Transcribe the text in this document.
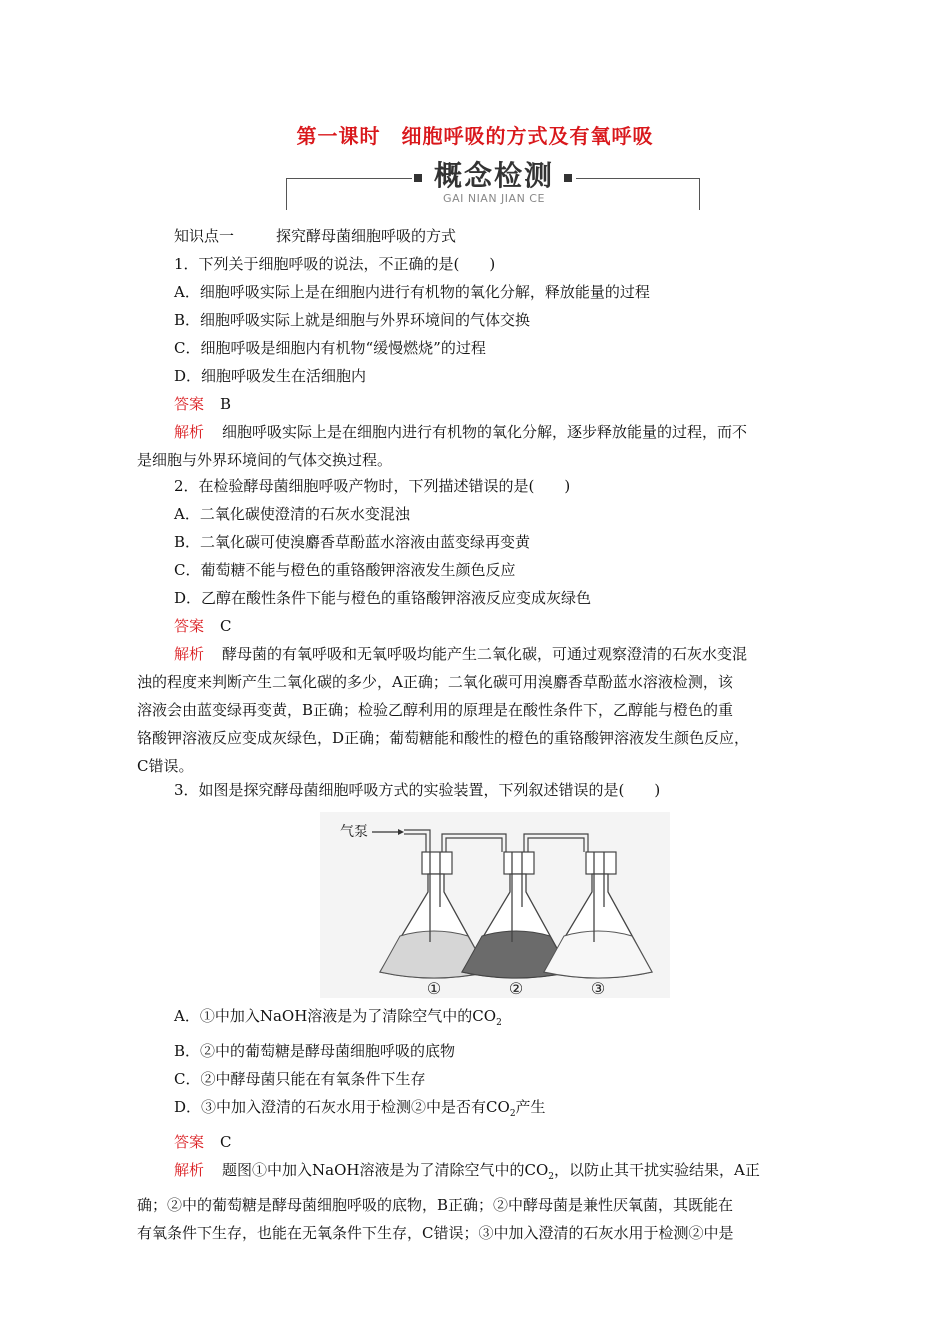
第一课时　细胞呼吸的方式及有氧呼吸
概念检测
GAI NIAN JIAN CE
知识点一	探究酵母菌细胞呼吸的方式
1．下列关于细胞呼吸的说法，不正确的是(　　)
A．细胞呼吸实际上是在细胞内进行有机物的氧化分解，释放能量的过程
B．细胞呼吸实际上就是细胞与外界环境间的气体交换
C．细胞呼吸是细胞内有机物“缓慢燃烧”的过程
D．细胞呼吸发生在活细胞内
答案 B
解析 细胞呼吸实际上是在细胞内进行有机物的氧化分解，逐步释放能量的过程，而不
是细胞与外界环境间的气体交换过程。
2．在检验酵母菌细胞呼吸产物时，下列描述错误的是(　　)
A．二氧化碳使澄清的石灰水变混浊
B．二氧化碳可使溴麝香草酚蓝水溶液由蓝变绿再变黄
C．葡萄糖不能与橙色的重铬酸钾溶液发生颜色反应
D．乙醇在酸性条件下能与橙色的重铬酸钾溶液反应变成灰绿色
答案 C
解析 酵母菌的有氧呼吸和无氧呼吸均能产生二氧化碳，可通过观察澄清的石灰水变混
浊的程度来判断产生二氧化碳的多少，A正确；二氧化碳可用溴麝香草酚蓝水溶液检测，该
溶液会由蓝变绿再变黄，B正确；检验乙醇利用的原理是在酸性条件下，乙醇能与橙色的重
铬酸钾溶液反应变成灰绿色，D正确；葡萄糖能和酸性的橙色的重铬酸钾溶液发生颜色反应，
C错误。
3．如图是探究酵母菌细胞呼吸方式的实验装置，下列叙述错误的是(　　)
气泵
①	②	③
A．①中加入NaOH溶液是为了清除空气中的$CO_2$
B．②中的葡萄糖是酵母菌细胞呼吸的底物
C．②中酵母菌只能在有氧条件下生存
D．③中加入澄清的石灰水用于检测②中是否有$CO_2$产生
答案 C
解析 题图①中加入NaOH溶液是为了清除空气中的$CO_2$，以防止其干扰实验结果，A正
确；②中的葡萄糖是酵母菌细胞呼吸的底物，B正确；②中酵母菌是兼性厌氧菌，其既能在
有氧条件下生存，也能在无氧条件下生存，C错误；③中加入澄清的石灰水用于检测②中是
